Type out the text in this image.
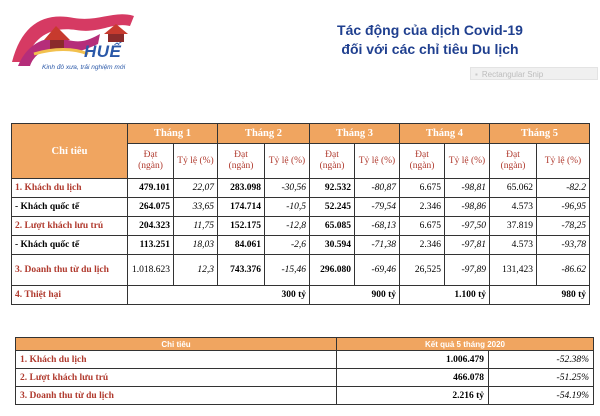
HUẾ
Kinh đô xưa, trải nghiệm mới
Tác động của dịch Covid-19
đối với các chỉ tiêu Du lịch
▪ Rectangular Snip
Chỉ tiêu	Tháng 1		Tháng 2		Tháng 3		Tháng 4		Tháng 5	
	Đạt (ngàn)	Tỷ lệ (%)	Đạt (ngàn)	Tỷ lệ (%)	Đạt (ngàn)	Tỷ lệ (%)	Đạt (ngàn)	Tỷ lệ (%)	Đạt (ngàn)	Tỷ lệ (%)
1. Khách du lịch	479.101	22,07	283.098	-30,56	92.532	-80,87	6.675	-98,81	65.062	-82.2
- Khách quốc tế	264.075	33,65	174.714	-10,5	52.245	-79,54	2.346	-98,86	4.573	-96,95
2. Lượt khách lưu trú	204.323	11,75	152.175	-12,8	65.085	-68,13	6.675	-97,50	37.819	-78,25
- Khách quốc tế	113.251	18,03	84.061	-2,6	30.594	-71,38	2.346	-97,81	4.573	-93,78
3. Doanh thu từ du lịch	1.018.623	12,3	743.376	-15,46	296.080	-69,46	26,525	-97,89	131,423	-86.62
4. Thiệt hại	300 tỷ				900 tỷ		1.100 tỷ		980 tỷ	
Chỉ tiêu	Kết quả 5 tháng 2020	
1. Khách du lịch	1.006.479	-52.38%
2. Lượt khách lưu trú	466.078	-51.25%
3. Doanh thu từ du lịch	2.216 tỷ	-54.19%
